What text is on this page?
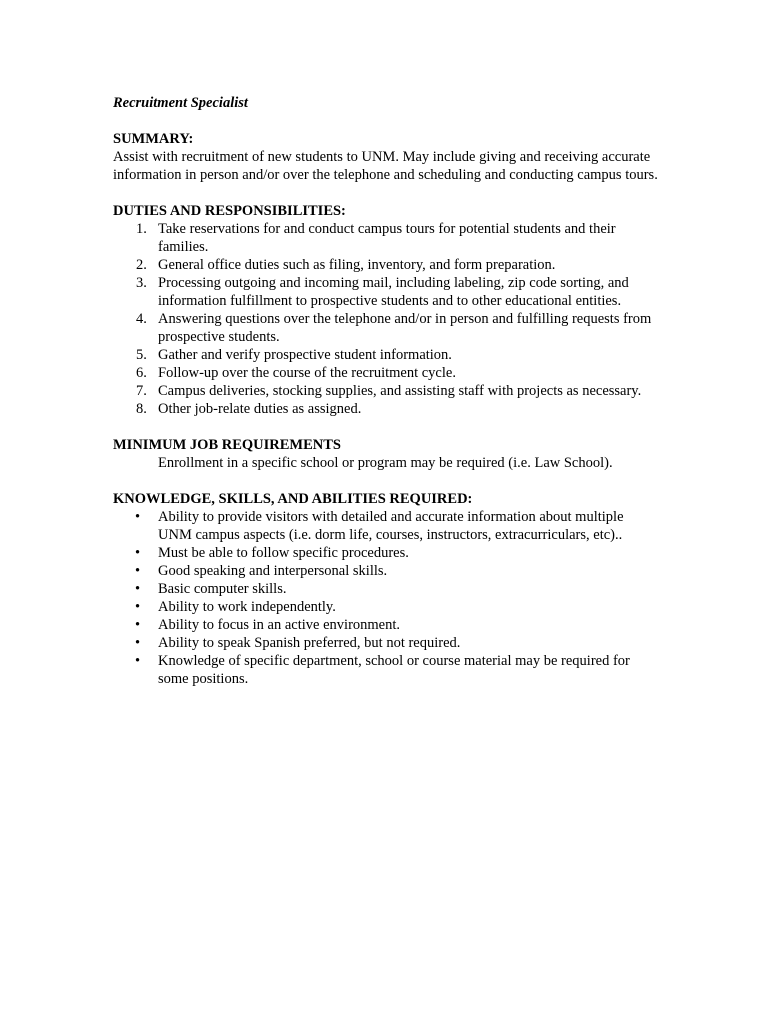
Recruitment Specialist

SUMMARY:

Assist with recruitment of new students to UNM. May include giving and receiving accurate information in person and/or over the telephone and scheduling and conducting campus tours.

DUTIES AND RESPONSIBILITIES:

1. Take reservations for and conduct campus tours for potential students and their families.
2. General office duties such as filing, inventory, and form preparation.
3. Processing outgoing and incoming mail, including labeling, zip code sorting, and information fulfillment to prospective students and to other educational entities.
4. Answering questions over the telephone and/or in person and fulfilling requests from prospective students.
5. Gather and verify prospective student information.
6. Follow-up over the course of the recruitment cycle.
7. Campus deliveries, stocking supplies, and assisting staff with projects as necessary.
8. Other job-relate duties as assigned.

MINIMUM JOB REQUIREMENTS

Enrollment in a specific school or program may be required (i.e. Law School).

KNOWLEDGE, SKILLS, AND ABILITIES REQUIRED:

• Ability to provide visitors with detailed and accurate information about multiple UNM campus aspects (i.e. dorm life, courses, instructors, extracurriculars, etc)..
• Must be able to follow specific procedures.
• Good speaking and interpersonal skills.
• Basic computer skills.
• Ability to work independently.
• Ability to focus in an active environment.
• Ability to speak Spanish preferred, but not required.
• Knowledge of specific department, school or course material may be required for some positions.
